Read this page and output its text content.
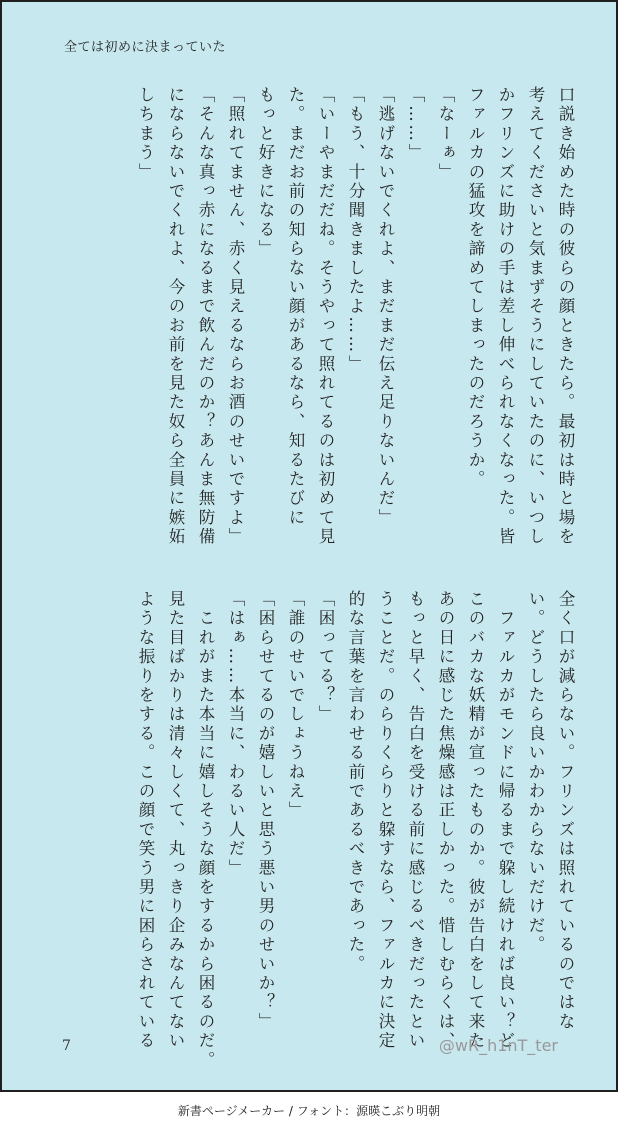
全ては初めに決まっていた
口説き始めた時の彼らの顔ときたら。最初は時と場を
考えてくださいと気まずそうにしていたのに、いつし
かフリンズに助けの手は差し伸べられなくなった。皆
ファルカの猛攻を諦めてしまったのだろうか。
「なーぁ」
「……」
「逃げないでくれよ、まだまだ伝え足りないんだ」
「もう、十分聞きましたよ……」
「いーやまだだね。そうやって照れてるのは初めて見
た。まだお前の知らない顔があるなら、知るたびに
もっと好きになる」
「照れてません、赤く見えるならお酒のせいですよ」
「そんな真っ赤になるまで飲んだのか？あんま無防備
にならないでくれよ、今のお前を見た奴ら全員に嫉妬
しちまう」
全く口が減らない。フリンズは照れているのではな
い。どうしたら良いかわからないだけだ。
　ファルカがモンドに帰るまで躱し続ければ良い？ど
このバカな妖精が宣ったものか。彼が告白をして来た
あの日に感じた焦燥感は正しかった。惜しむらくは、
もっと早く、告白を受ける前に感じるべきだったとい
うことだ。のらりくらりと躱すなら、ファルカに決定
的な言葉を言わせる前であるべきであった。
「困ってる？」
「誰のせいでしょうねえ」
「困らせてるのが嬉しいと思う悪い男のせいか？」
「はぁ……本当に、わるい人だ」
　これがまた本当に嬉しそうな顔をするから困るのだ。
見た目ばかりは清々しくて、丸っきり企みなんてない
ような振りをする。この顔で笑う男に困らされている
7	@wR_h1nT_ter
新書ページメーカー / フォント：源暎こぶり明朝
